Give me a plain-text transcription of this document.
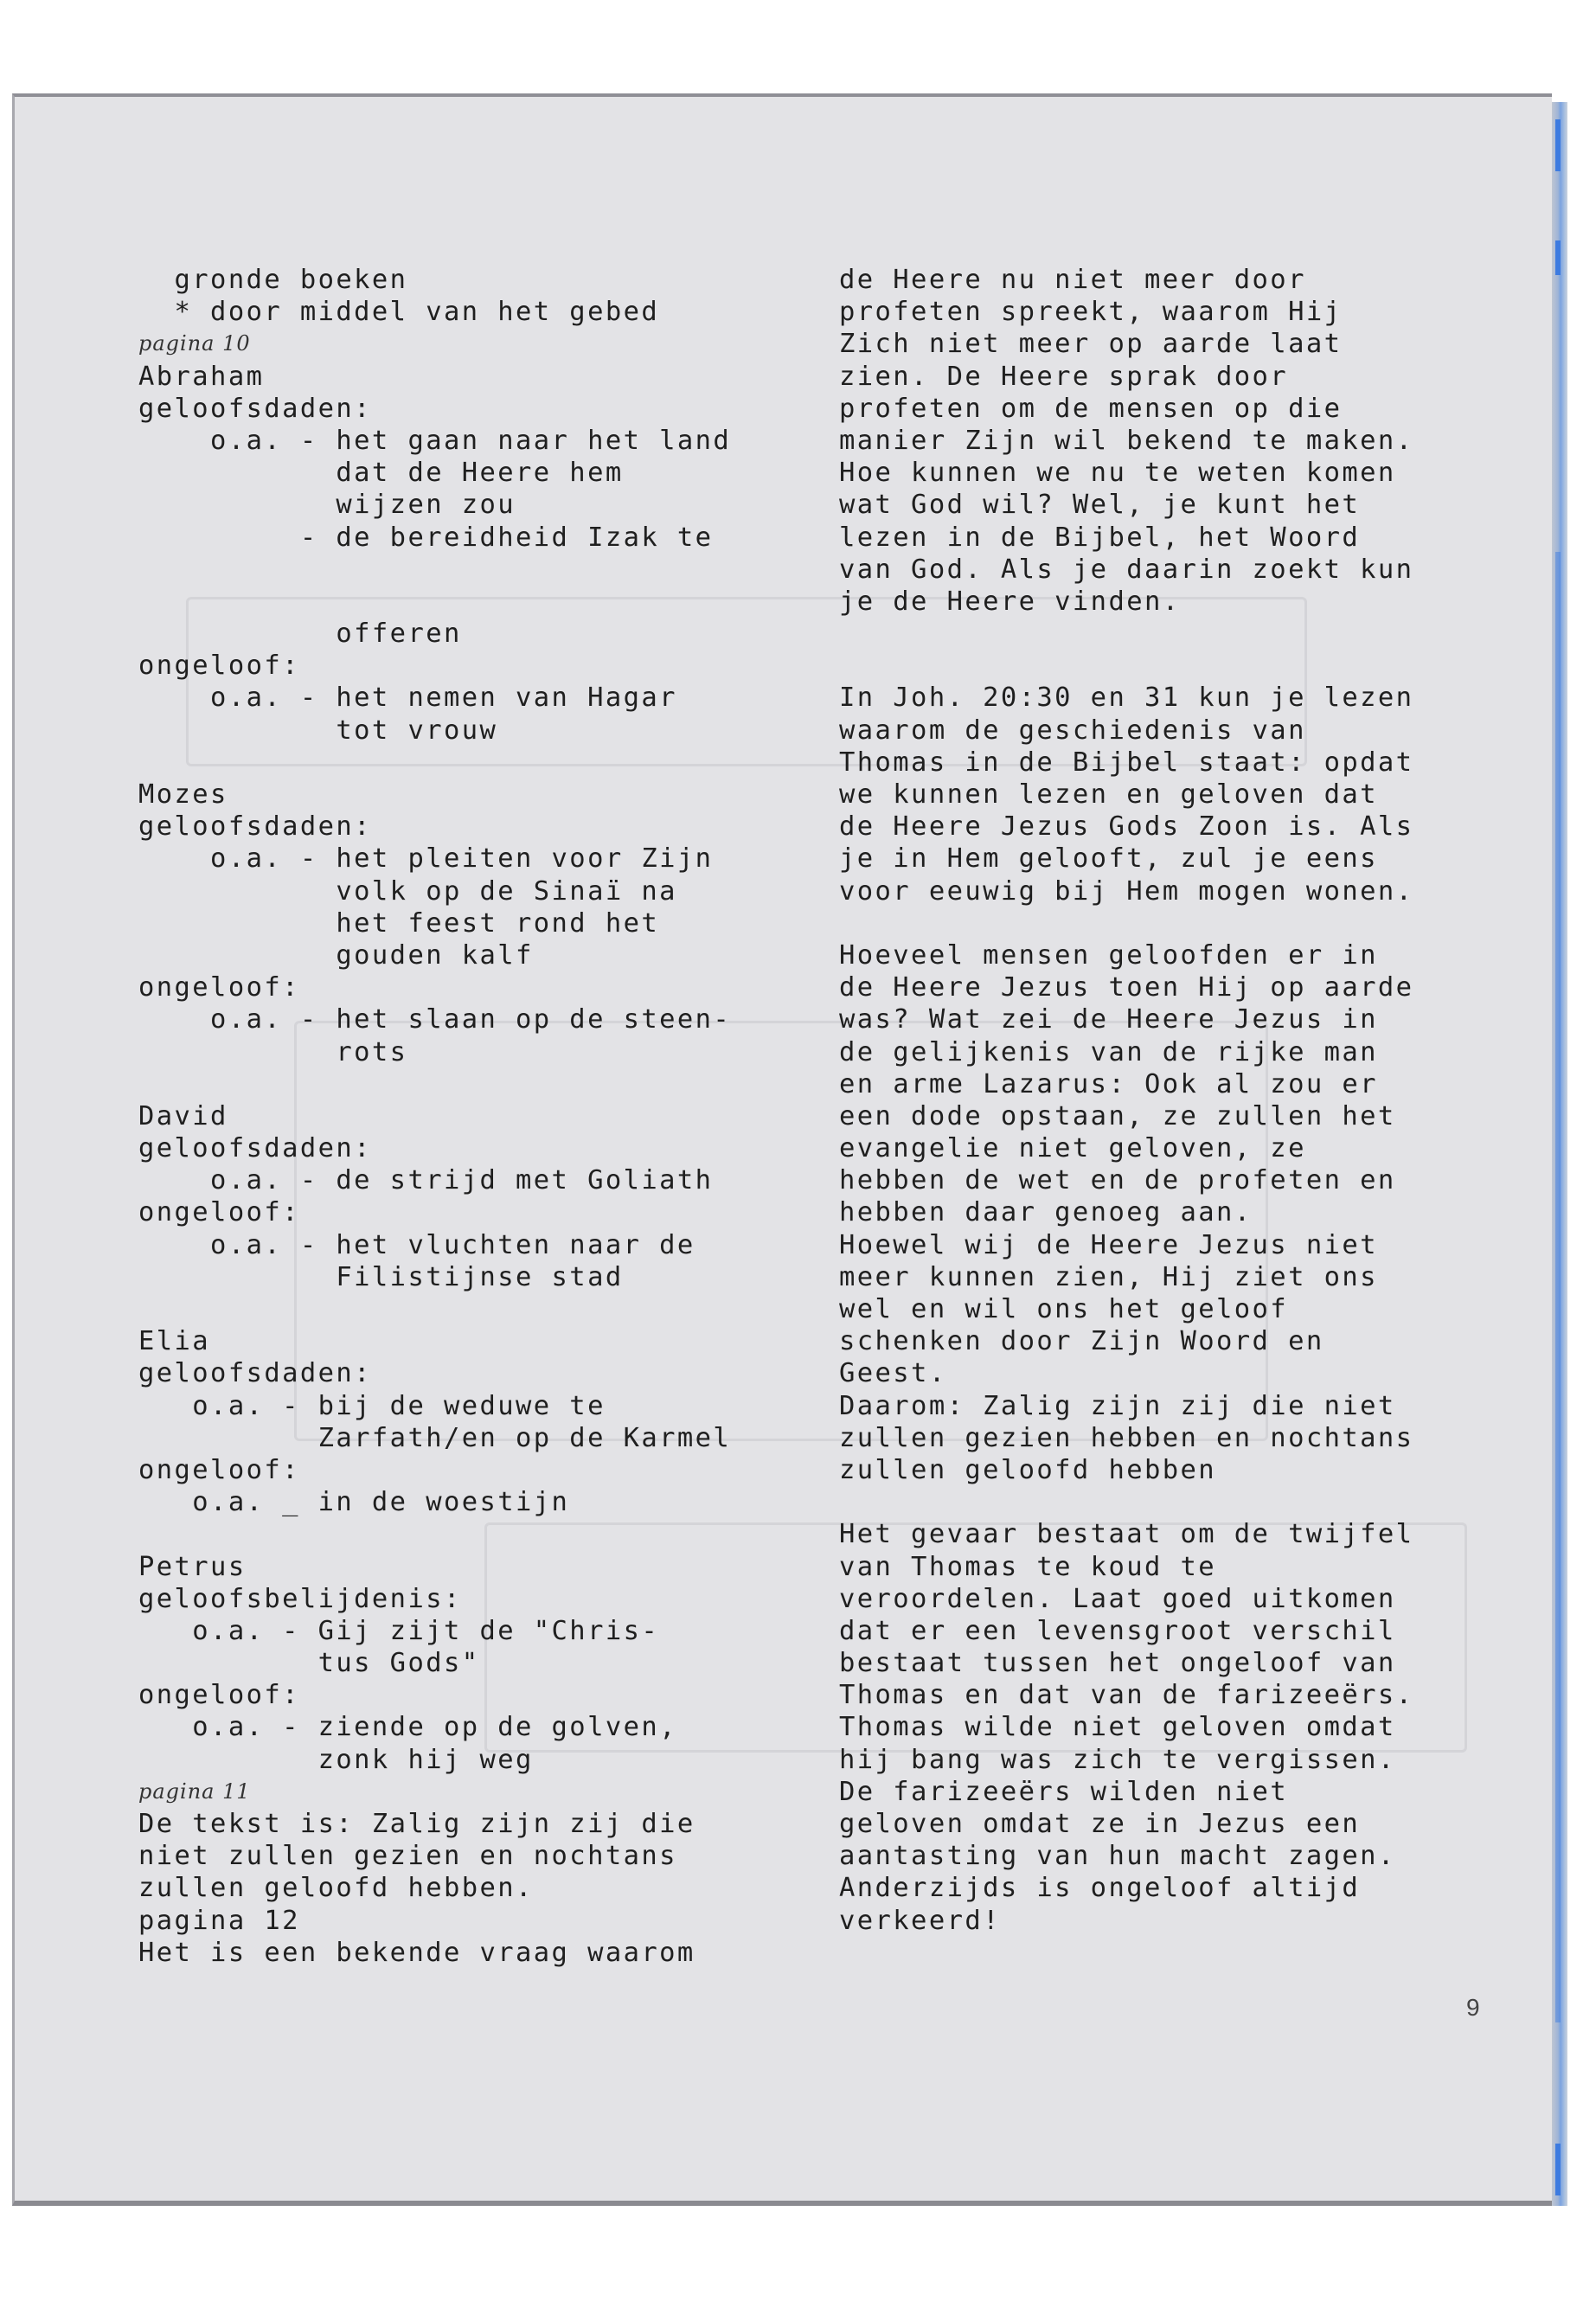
gronde boeken
* door middel van het gebed
pagina 10
Abraham
geloofsdaden:
o.a. - het gaan naar het land
dat de Heere hem
wijzen zou
- de bereidheid Izak te
offeren
ongeloof:
o.a. - het nemen van Hagar
tot vrouw
Mozes
geloofsdaden:
o.a. - het pleiten voor Zijn
volk op de Sinaï na
het feest rond het
gouden kalf
ongeloof:
o.a. - het slaan op de steen-
rots
David
geloofsdaden:
o.a. - de strijd met Goliath
ongeloof:
o.a. - het vluchten naar de
Filistijnse stad
Elia
geloofsdaden:
o.a. - bij de weduwe te
Zarfath/en op de Karmel
ongeloof:
o.a. _ in de woestijn
Petrus
geloofsbelijdenis:
o.a. - Gij zijt de "Chris-
tus Gods"
ongeloof:
o.a. - ziende op de golven,
zonk hij weg
pagina 11
De tekst is: Zalig zijn zij die
niet zullen gezien en nochtans
zullen geloofd hebben.
pagina 12
Het is een bekende vraag waarom
de Heere nu niet meer door
profeten spreekt, waarom Hij
Zich niet meer op aarde laat
zien. De Heere sprak door
profeten om de mensen op die
manier Zijn wil bekend te maken.
Hoe kunnen we nu te weten komen
wat God wil? Wel, je kunt het
lezen in de Bijbel, het Woord
van God. Als je daarin zoekt kun
je de Heere vinden.
In Joh. 20:30 en 31 kun je lezen
waarom de geschiedenis van
Thomas in de Bijbel staat: opdat
we kunnen lezen en geloven dat
de Heere Jezus Gods Zoon is. Als
je in Hem gelooft, zul je eens
voor eeuwig bij Hem mogen wonen.
Hoeveel mensen geloofden er in
de Heere Jezus toen Hij op aarde
was? Wat zei de Heere Jezus in
de gelijkenis van de rijke man
en arme Lazarus: Ook al zou er
een dode opstaan, ze zullen het
evangelie niet geloven, ze
hebben de wet en de profeten en
hebben daar genoeg aan.
Hoewel wij de Heere Jezus niet
meer kunnen zien, Hij ziet ons
wel en wil ons het geloof
schenken door Zijn Woord en
Geest.
Daarom: Zalig zijn zij die niet
zullen gezien hebben en nochtans
zullen geloofd hebben
Het gevaar bestaat om de twijfel
van Thomas te koud te
veroordelen. Laat goed uitkomen
dat er een levensgroot verschil
bestaat tussen het ongeloof van
Thomas en dat van de farizeeërs.
Thomas wilde niet geloven omdat
hij bang was zich te vergissen.
De farizeeërs wilden niet
geloven omdat ze in Jezus een
aantasting van hun macht zagen.
Anderzijds is ongeloof altijd
verkeerd!
9
